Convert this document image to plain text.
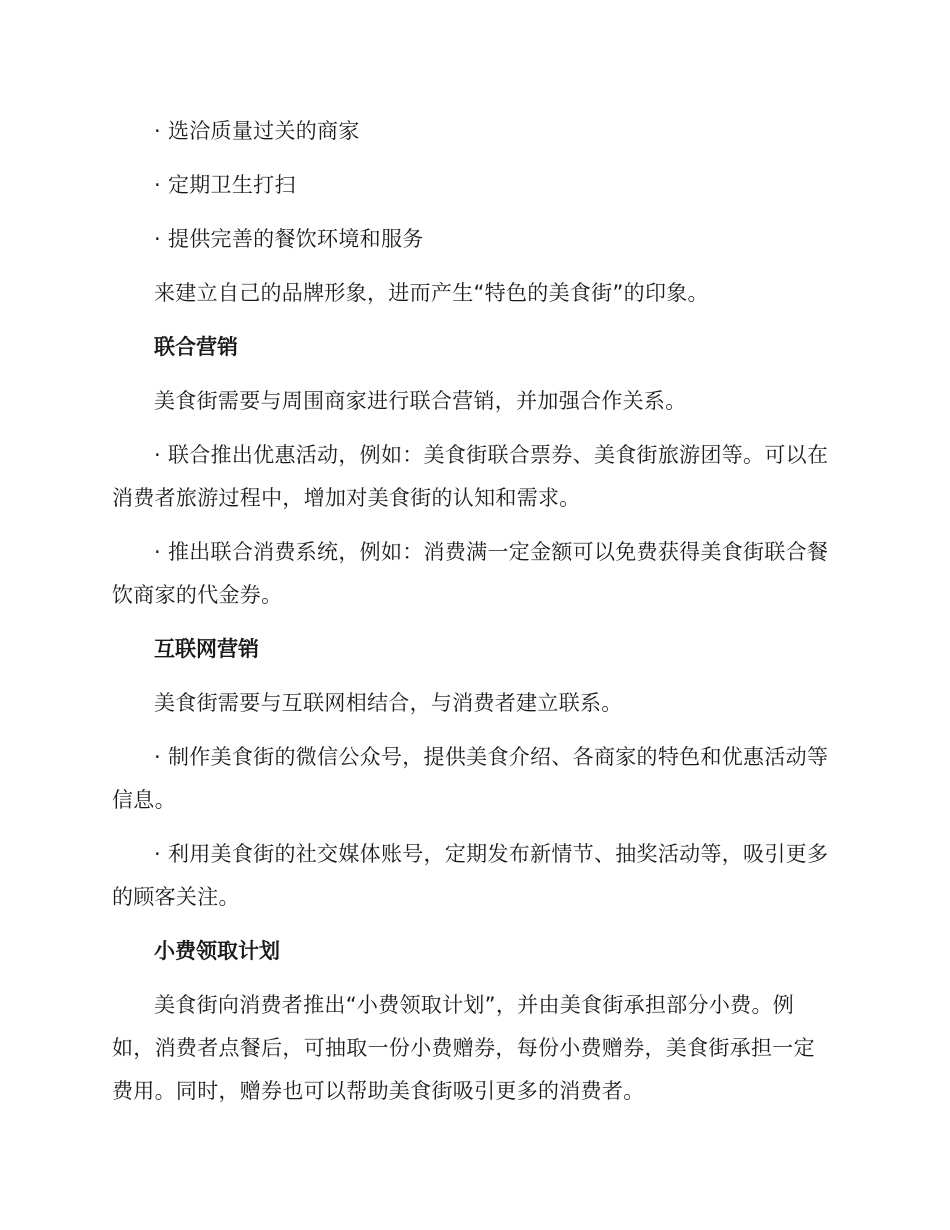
· 选洽质量过关的商家

· 定期卫生打扫

· 提供完善的餐饮环境和服务

来建立自己的品牌形象，进而产生“特色的美食街”的印象。

联合营销

美食街需要与周围商家进行联合营销，并加强合作关系。

· 联合推出优惠活动，例如：美食街联合票券、美食街旅游团等。可以在消费者旅游过程中，增加对美食街的认知和需求。

· 推出联合消费系统，例如：消费满一定金额可以免费获得美食街联合餐饮商家的代金券。

互联网营销

美食街需要与互联网相结合，与消费者建立联系。

· 制作美食街的微信公众号，提供美食介绍、各商家的特色和优惠活动等信息。

· 利用美食街的社交媒体账号，定期发布新情节、抽奖活动等，吸引更多的顾客关注。

小费领取计划

美食街向消费者推出“小费领取计划”，并由美食街承担部分小费。例如，消费者点餐后，可抽取一份小费赠券，每份小费赠券，美食街承担一定费用。同时，赠券也可以帮助美食街吸引更多的消费者。
